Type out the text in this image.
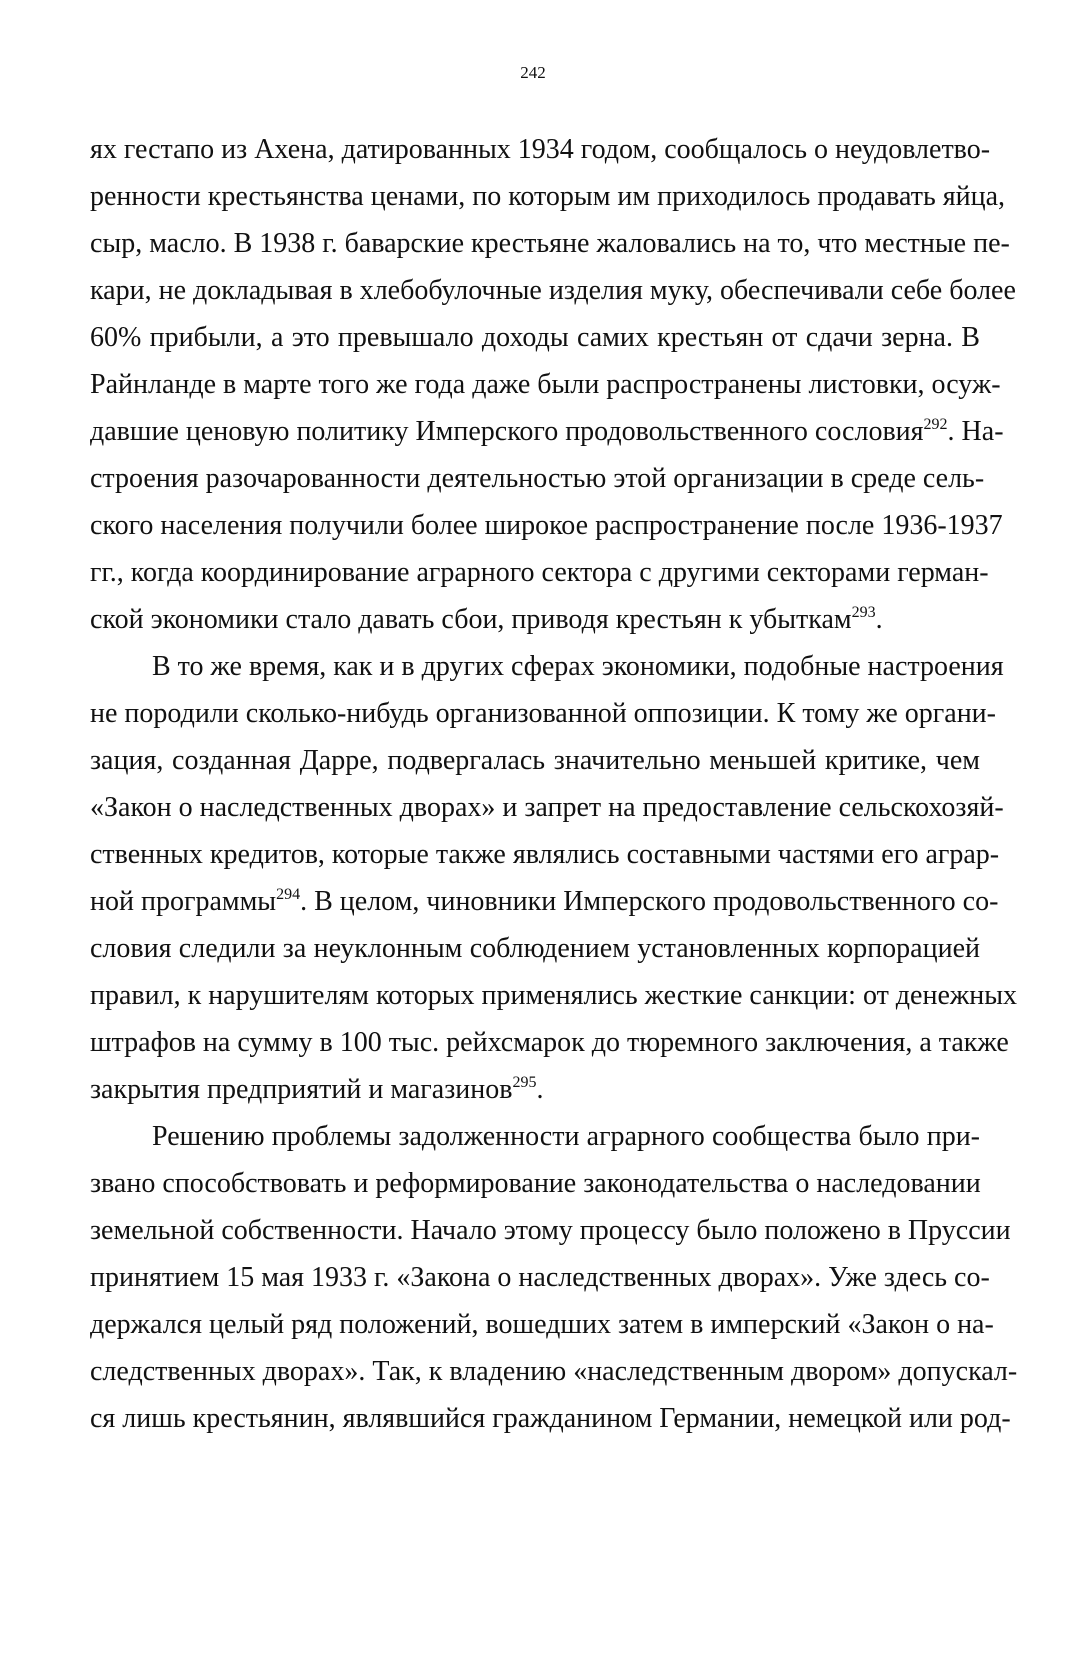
242
ях гестапо из Ахена, датированных 1934 годом, сообщалось о неудовлетво-
ренности крестьянства ценами, по которым им приходилось продавать яйца,
сыр, масло. В 1938 г. баварские крестьяне жаловались на то, что местные пе-
кари, не докладывая в хлебобулочные изделия муку, обеспечивали себе более
60% прибыли, а это превышало доходы самих крестьян от сдачи зерна. В
Райнланде в марте того же года даже были распространены листовки, осуж-
давшие ценовую политику Имперского продовольственного сословия$^{292}$. На-
строения разочарованности деятельностью этой организации в среде сель-
ского населения получили более широкое распространение после 1936-1937
гг., когда координирование аграрного сектора с другими секторами герман-
ской экономики стало давать сбои, приводя крестьян к убыткам$^{293}$.
В то же время, как и в других сферах экономики, подобные настроения
не породили сколько-нибудь организованной оппозиции. К тому же органи-
зация, созданная Дарре, подвергалась значительно меньшей критике, чем
«Закон о наследственных дворах» и запрет на предоставление сельскохозяй-
ственных кредитов, которые также являлись составными частями его аграр-
ной программы$^{294}$. В целом, чиновники Имперского продовольственного со-
словия следили за неуклонным соблюдением установленных корпорацией
правил, к нарушителям которых применялись жесткие санкции: от денежных
штрафов на сумму в 100 тыс. рейхсмарок до тюремного заключения, а также
закрытия предприятий и магазинов$^{295}$.
Решению проблемы задолженности аграрного сообщества было при-
звано способствовать и реформирование законодательства о наследовании
земельной собственности. Начало этому процессу было положено в Пруссии
принятием 15 мая 1933 г. «Закона о наследственных дворах». Уже здесь со-
держался целый ряд положений, вошедших затем в имперский «Закон о на-
следственных дворах». Так, к владению «наследственным двором» допускал-
ся лишь крестьянин, являвшийся гражданином Германии, немецкой или род-
